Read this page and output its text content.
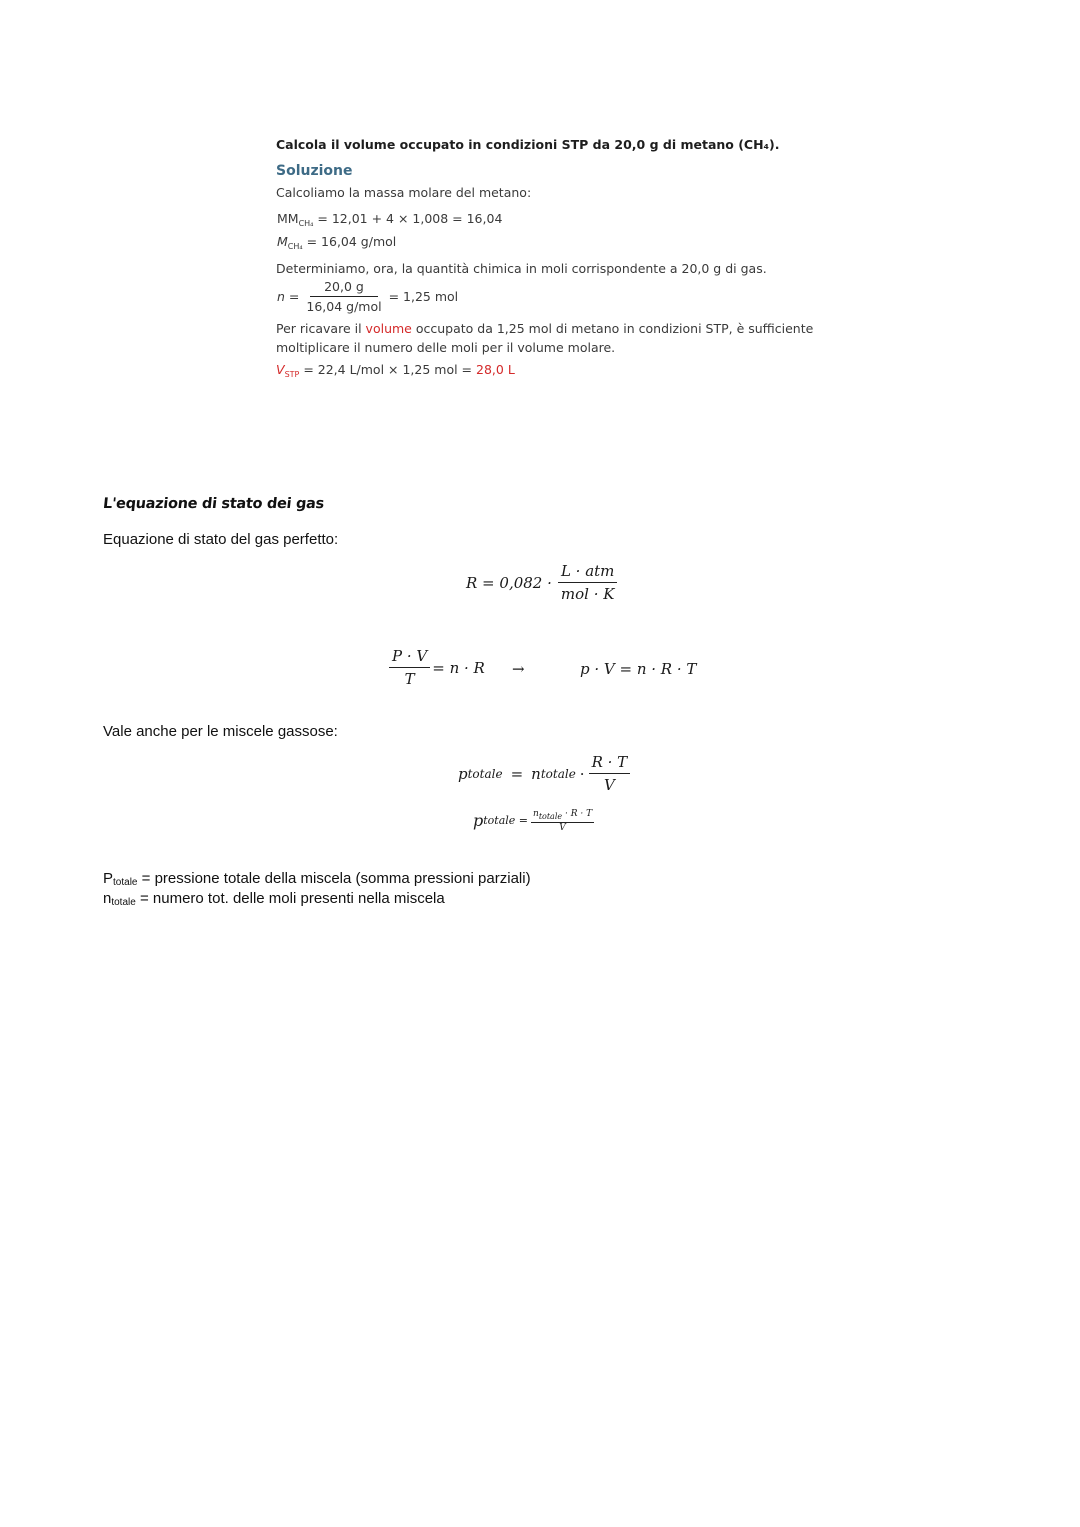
Calcola il volume occupato in condizioni STP da 20,0 g di metano (CH₄).
Soluzione
Calcoliamo la massa molare del metano:
$MM_{CH_4} = 12,01 + 4 \times 1,008 = 16,04$
$M_{CH_4} = 16,04$ g/mol
Determiniamo, ora, la quantità chimica in moli corrispondente a 20,0 g di gas.
$n = \frac{20,0 g}{\text{16,04 g/mol}} = 1,25$ mol
Per ricavare il volume occupato da 1,25 mol di metano in condizioni STP, è sufficiente
moltiplicare il numero delle moli per il volume molare.
$V_{STP} = 22,4$ L/mol × 1,25 mol = 28,0 L
L'equazione di stato dei gas
Equazione di stato del gas perfetto:
$R = 0,082 \cdot \frac{\text{L · atm}}{\text{mol · K}}$
$\frac{P \cdot V}{T} = n \cdot R$ →	p · V = n · R · T
Vale anche per le miscele gassose:
p totale = n totale · $\frac{R \cdot T}{V}$
p totale = $\frac{n_{totale} \cdot R \cdot T}{V}$
$P_{totale}$ = pressione totale della miscela (somma pressioni parziali)
$n_{totale}$ = numero tot. delle moli presenti nella miscela
